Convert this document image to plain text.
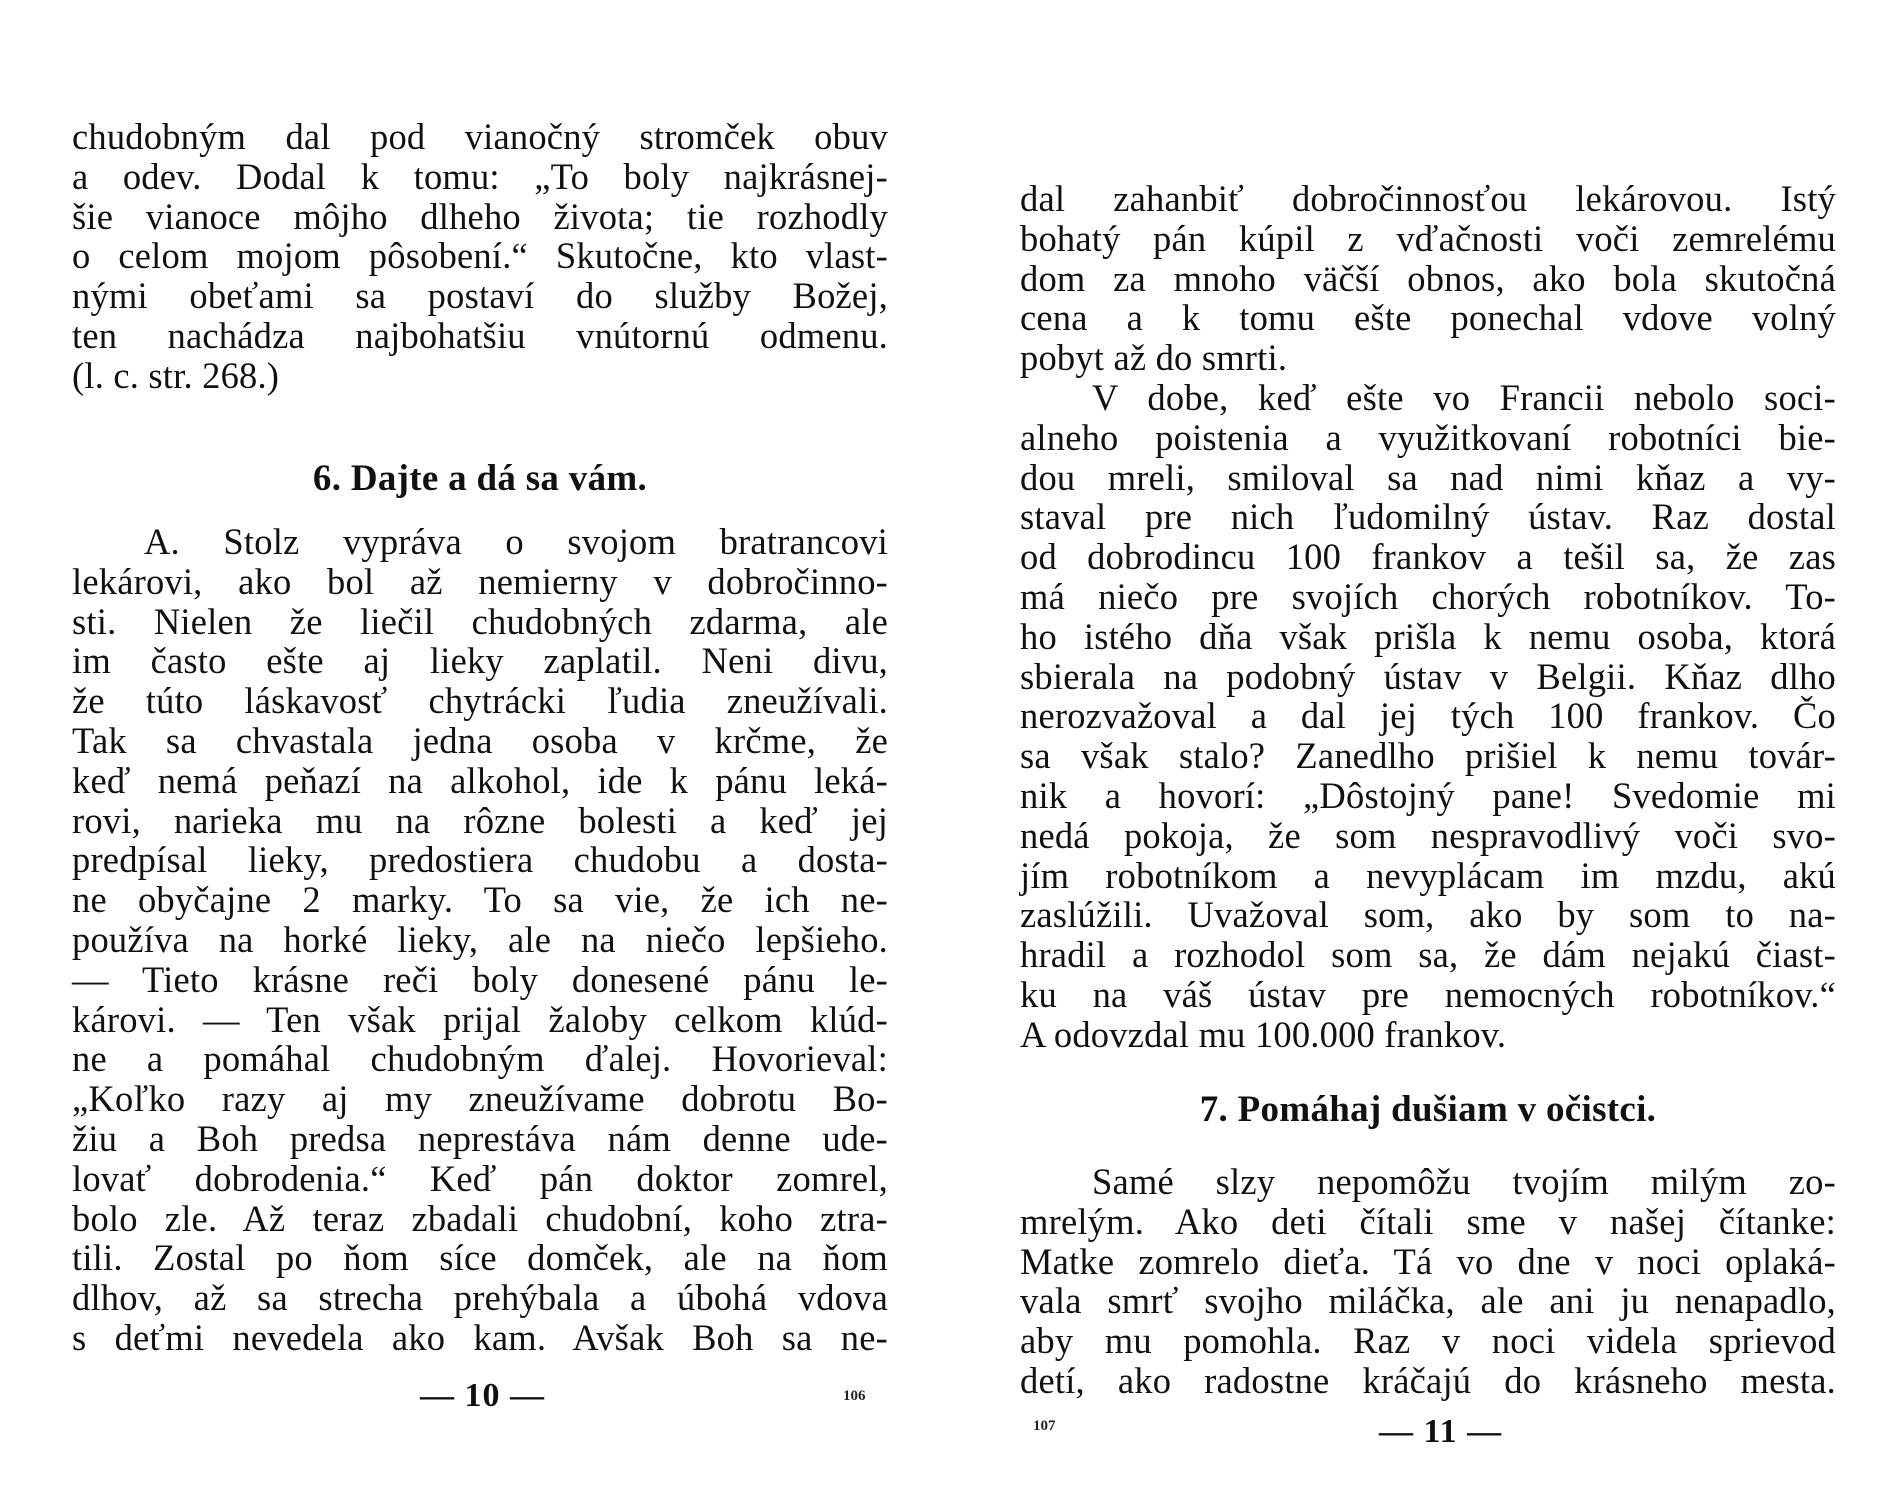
chudobným dal pod vianočný stromček obuv
a odev. Dodal k tomu: „To boly najkrásnej-
šie vianoce môjho dlheho života; tie rozhodly
o celom mojom pôsobení.“ Skutočne, kto vlast-
nými obeťami sa postaví do služby Božej,
ten nachádza najbohatšiu vnútornú odmenu.
(l. c. str. 268.)
6. Dajte a dá sa vám.
A. Stolz vypráva o svojom bratrancovi
lekárovi, ako bol až nemierny v dobročinno-
sti. Nielen že liečil chudobných zdarma, ale
im často ešte aj lieky zaplatil. Neni divu,
že túto láskavosť chytrácki ľudia zneužívali.
Tak sa chvastala jedna osoba v krčme, že
keď nemá peňazí na alkohol, ide k pánu leká-
rovi, narieka mu na rôzne bolesti a keď jej
predpísal lieky, predostiera chudobu a dosta-
ne obyčajne 2 marky. To sa vie, že ich ne-
používa na horké lieky, ale na niečo lepšieho.
— Tieto krásne reči boly donesené pánu le-
károvi. — Ten však prijal žaloby celkom klúd-
ne a pomáhal chudobným ďalej. Hovorieval:
„Koľko razy aj my zneužívame dobrotu Bo-
žiu a Boh predsa neprestáva nám denne ude-
lovať dobrodenia.“ Keď pán doktor zomrel,
bolo zle. Až teraz zbadali chudobní, koho ztra-
tili. Zostal po ňom síce domček, ale na ňom
dlhov, až sa strecha prehýbala a úbohá vdova
s deťmi nevedela ako kam. Avšak Boh sa ne-
— 10 —	106
dal zahanbiť dobročinnosťou lekárovou. Istý
bohatý pán kúpil z vďačnosti voči zemrelému
dom za mnoho väčší obnos, ako bola skutočná
cena a k tomu ešte ponechal vdove volný
pobyt až do smrti.
V dobe, keď ešte vo Francii nebolo soci-
alneho poistenia a využitkovaní robotníci bie-
dou mreli, smiloval sa nad nimi kňaz a vy-
staval pre nich ľudomilný ústav. Raz dostal
od dobrodincu 100 frankov a tešil sa, že zas
má niečo pre svojích chorých robotníkov. To-
ho istého dňa však prišla k nemu osoba, ktorá
sbierala na podobný ústav v Belgii. Kňaz dlho
nerozvažoval a dal jej tých 100 frankov. Čo
sa však stalo? Zanedlho prišiel k nemu továr-
nik a hovorí: „Dôstojný pane! Svedomie mi
nedá pokoja, že som nespravodlivý voči svo-
jím robotníkom a nevyplácam im mzdu, akú
zaslúžili. Uvažoval som, ako by som to na-
hradil a rozhodol som sa, že dám nejakú čiast-
ku na váš ústav pre nemocných robotníkov.“
A odovzdal mu 100.000 frankov.
7. Pomáhaj dušiam v očistci.
Samé slzy nepomôžu tvojím milým zo-
mrelým. Ako deti čítali sme v našej čítanke:
Matke zomrelo dieťa. Tá vo dne v noci oplaká-
vala smrť svojho miláčka, ale ani ju nenapadlo,
aby mu pomohla. Raz v noci videla sprievod
detí, ako radostne kráčajú do krásneho mesta.
107	— 11 —
